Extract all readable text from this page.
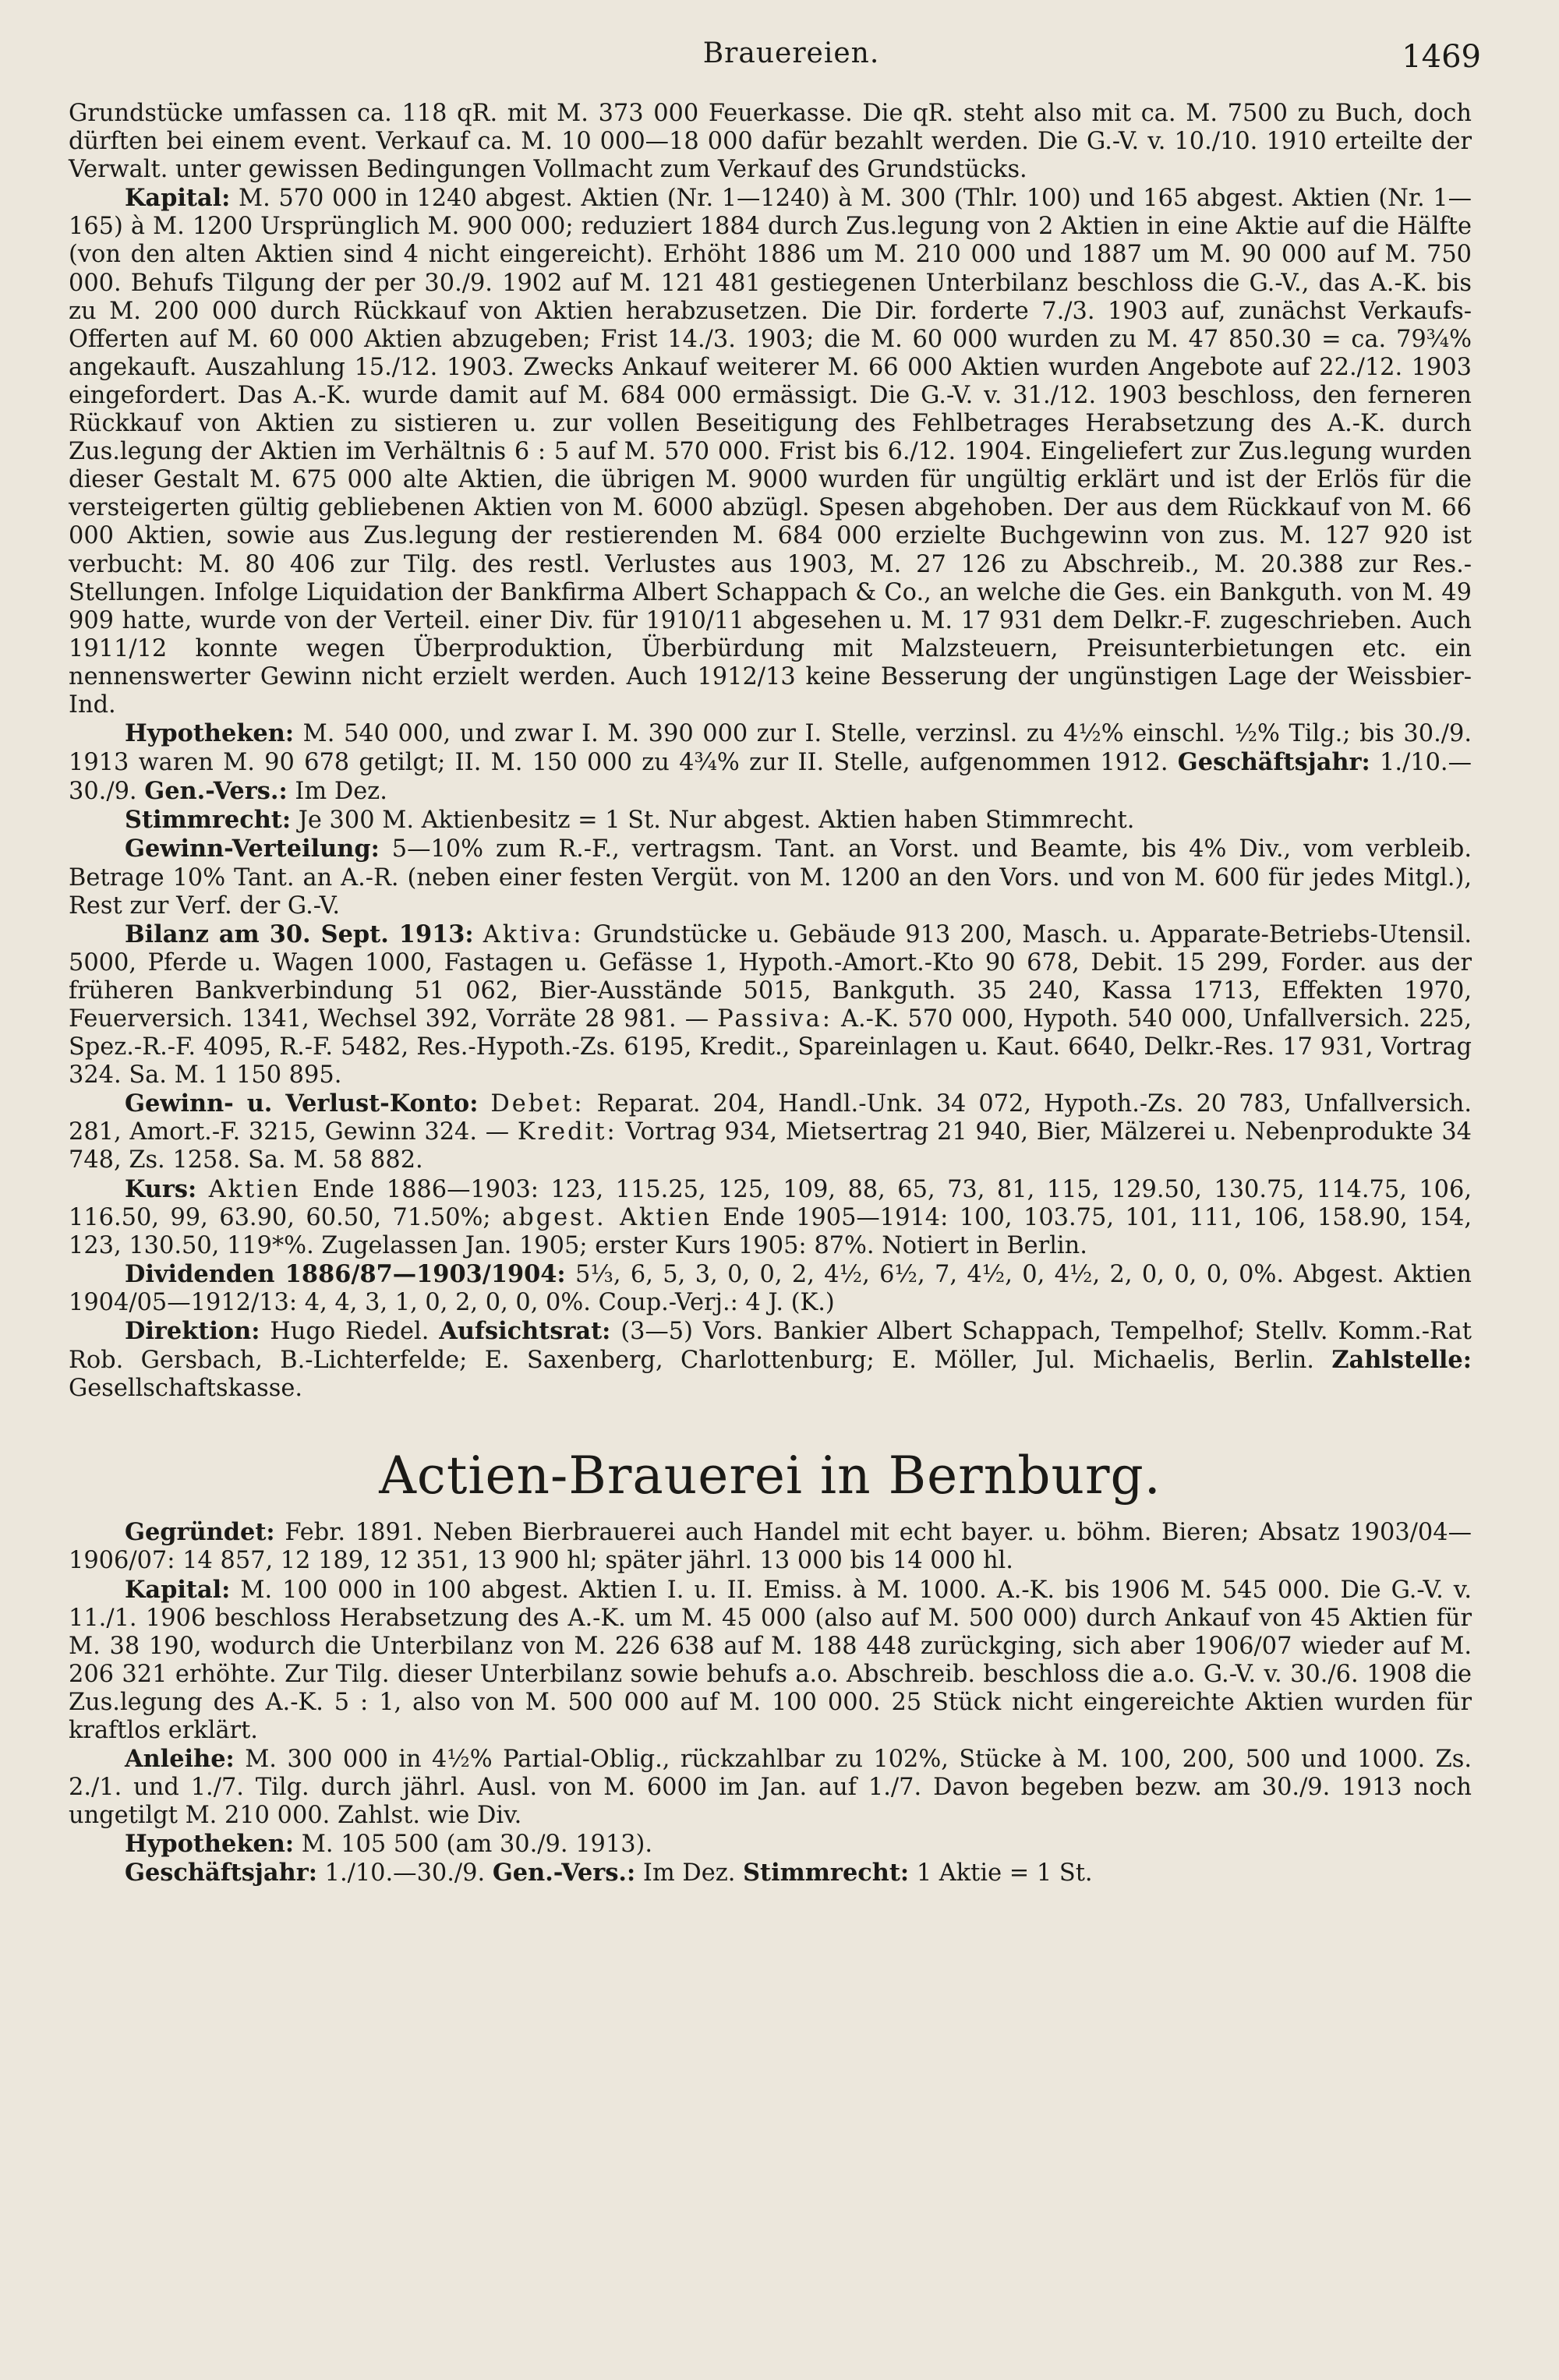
Brauereien.	1469

Grundstücke umfassen ca. 118 qR. mit M. 373 000 Feuerkasse. Die qR. steht also mit ca. M. 7500 zu Buch, doch dürften bei einem event. Verkauf ca. M. 10 000—18 000 dafür bezahlt werden. Die G.-V. v. 10./10. 1910 erteilte der Verwalt. unter gewissen Bedingungen Vollmacht zum Verkauf des Grundstücks.

Kapital: M. 570 000 in 1240 abgest. Aktien (Nr. 1—1240) à M. 300 (Thlr. 100) und 165 abgest. Aktien (Nr. 1—165) à M. 1200 Ursprünglich M. 900 000; reduziert 1884 durch Zus.legung von 2 Aktien in eine Aktie auf die Hälfte (von den alten Aktien sind 4 nicht eingereicht). Erhöht 1886 um M. 210 000 und 1887 um M. 90 000 auf M. 750 000. Behufs Tilgung der per 30./9. 1902 auf M. 121 481 gestiegenen Unterbilanz beschloss die G.-V., das A.-K. bis zu M. 200 000 durch Rückkauf von Aktien herabzusetzen. Die Dir. forderte 7./3. 1903 auf, zunächst Verkaufs-Offerten auf M. 60 000 Aktien abzugeben; Frist 14./3. 1903; die M. 60 000 wurden zu M. 47 850.30 = ca. 79¾% angekauft. Auszahlung 15./12. 1903. Zwecks Ankauf weiterer M. 66 000 Aktien wurden Angebote auf 22./12. 1903 eingefordert. Das A.-K. wurde damit auf M. 684 000 ermässigt. Die G.-V. v. 31./12. 1903 beschloss, den ferneren Rückkauf von Aktien zu sistieren u. zur vollen Beseitigung des Fehlbetrages Herabsetzung des A.-K. durch Zus.legung der Aktien im Verhältnis 6 : 5 auf M. 570 000. Frist bis 6./12. 1904. Eingeliefert zur Zus.legung wurden dieser Gestalt M. 675 000 alte Aktien, die übrigen M. 9000 wurden für ungültig erklärt und ist der Erlös für die versteigerten gültig gebliebenen Aktien von M. 6000 abzügl. Spesen abgehoben. Der aus dem Rückkauf von M. 66 000 Aktien, sowie aus Zus.legung der restierenden M. 684 000 erzielte Buchgewinn von zus. M. 127 920 ist verbucht: M. 80 406 zur Tilg. des restl. Verlustes aus 1903, M. 27 126 zu Abschreib., M. 20.388 zur Res.-Stellungen. Infolge Liquidation der Bankfirma Albert Schappach & Co., an welche die Ges. ein Bankguth. von M. 49 909 hatte, wurde von der Verteil. einer Div. für 1910/11 abgesehen u. M. 17 931 dem Delkr.-F. zugeschrieben. Auch 1911/12 konnte wegen Überproduktion, Überbürdung mit Malzsteuern, Preisunterbietungen etc. ein nennenswerter Gewinn nicht erzielt werden. Auch 1912/13 keine Besserung der ungünstigen Lage der Weissbier-Ind.

Hypotheken: M. 540 000, und zwar I. M. 390 000 zur I. Stelle, verzinsl. zu 4½% einschl. ½% Tilg.; bis 30./9. 1913 waren M. 90 678 getilgt; II. M. 150 000 zu 4¾% zur II. Stelle, aufgenommen 1912. Geschäftsjahr: 1./10.—30./9. Gen.-Vers.: Im Dez.

Stimmrecht: Je 300 M. Aktienbesitz = 1 St. Nur abgest. Aktien haben Stimmrecht.

Gewinn-Verteilung: 5—10% zum R.-F., vertragsm. Tant. an Vorst. und Beamte, bis 4% Div., vom verbleib. Betrage 10% Tant. an A.-R. (neben einer festen Vergüt. von M. 1200 an den Vors. und von M. 600 für jedes Mitgl.), Rest zur Verf. der G.-V.

Bilanz am 30. Sept. 1913: Aktiva: Grundstücke u. Gebäude 913 200, Masch. u. Apparate-Betriebs-Utensil. 5000, Pferde u. Wagen 1000, Fastagen u. Gefässe 1, Hypoth.-Amort.-Kto 90 678, Debit. 15 299, Forder. aus der früheren Bankverbindung 51 062, Bier-Ausstände 5015, Bankguth. 35 240, Kassa 1713, Effekten 1970, Feuerversich. 1341, Wechsel 392, Vorräte 28 981. — Passiva: A.-K. 570 000, Hypoth. 540 000, Unfallversich. 225, Spez.-R.-F. 4095, R.-F. 5482, Res.-Hypoth.-Zs. 6195, Kredit., Spareinlagen u. Kaut. 6640, Delkr.-Res. 17 931, Vortrag 324. Sa. M. 1 150 895.

Gewinn- u. Verlust-Konto: Debet: Reparat. 204, Handl.-Unk. 34 072, Hypoth.-Zs. 20 783, Unfallversich. 281, Amort.-F. 3215, Gewinn 324. — Kredit: Vortrag 934, Mietsertrag 21 940, Bier, Mälzerei u. Nebenprodukte 34 748, Zs. 1258. Sa. M. 58 882.

Kurs: Aktien Ende 1886—1903: 123, 115.25, 125, 109, 88, 65, 73, 81, 115, 129.50, 130.75, 114.75, 106, 116.50, 99, 63.90, 60.50, 71.50%; abgest. Aktien Ende 1905—1914: 100, 103.75, 101, 111, 106, 158.90, 154, 123, 130.50, 119*%. Zugelassen Jan. 1905; erster Kurs 1905: 87%. Notiert in Berlin.

Dividenden 1886/87—1903/1904: 5⅓, 6, 5, 3, 0, 0, 2, 4½, 6½, 7, 4½, 0, 4½, 2, 0, 0, 0, 0%. Abgest. Aktien 1904/05—1912/13: 4, 4, 3, 1, 0, 2, 0, 0, 0%. Coup.-Verj.: 4 J. (K.)

Direktion: Hugo Riedel. Aufsichtsrat: (3—5) Vors. Bankier Albert Schappach, Tempelhof; Stellv. Komm.-Rat Rob. Gersbach, B.-Lichterfelde; E. Saxenberg, Charlottenburg; E. Möller, Jul. Michaelis, Berlin. Zahlstelle: Gesellschaftskasse.

Actien-Brauerei in Bernburg.

Gegründet: Febr. 1891. Neben Bierbrauerei auch Handel mit echt bayer. u. böhm. Bieren; Absatz 1903/04—1906/07: 14 857, 12 189, 12 351, 13 900 hl; später jährl. 13 000 bis 14 000 hl.

Kapital: M. 100 000 in 100 abgest. Aktien I. u. II. Emiss. à M. 1000. A.-K. bis 1906 M. 545 000. Die G.-V. v. 11./1. 1906 beschloss Herabsetzung des A.-K. um M. 45 000 (also auf M. 500 000) durch Ankauf von 45 Aktien für M. 38 190, wodurch die Unterbilanz von M. 226 638 auf M. 188 448 zurückging, sich aber 1906/07 wieder auf M. 206 321 erhöhte. Zur Tilg. dieser Unterbilanz sowie behufs a.o. Abschreib. beschloss die a.o. G.-V. v. 30./6. 1908 die Zus.legung des A.-K. 5 : 1, also von M. 500 000 auf M. 100 000. 25 Stück nicht eingereichte Aktien wurden für kraftlos erklärt.

Anleihe: M. 300 000 in 4½% Partial-Oblig., rückzahlbar zu 102%, Stücke à M. 100, 200, 500 und 1000. Zs. 2./1. und 1./7. Tilg. durch jährl. Ausl. von M. 6000 im Jan. auf 1./7. Davon begeben bezw. am 30./9. 1913 noch ungetilgt M. 210 000. Zahlst. wie Div.

Hypotheken: M. 105 500 (am 30./9. 1913).

Geschäftsjahr: 1./10.—30./9. Gen.-Vers.: Im Dez. Stimmrecht: 1 Aktie = 1 St.
